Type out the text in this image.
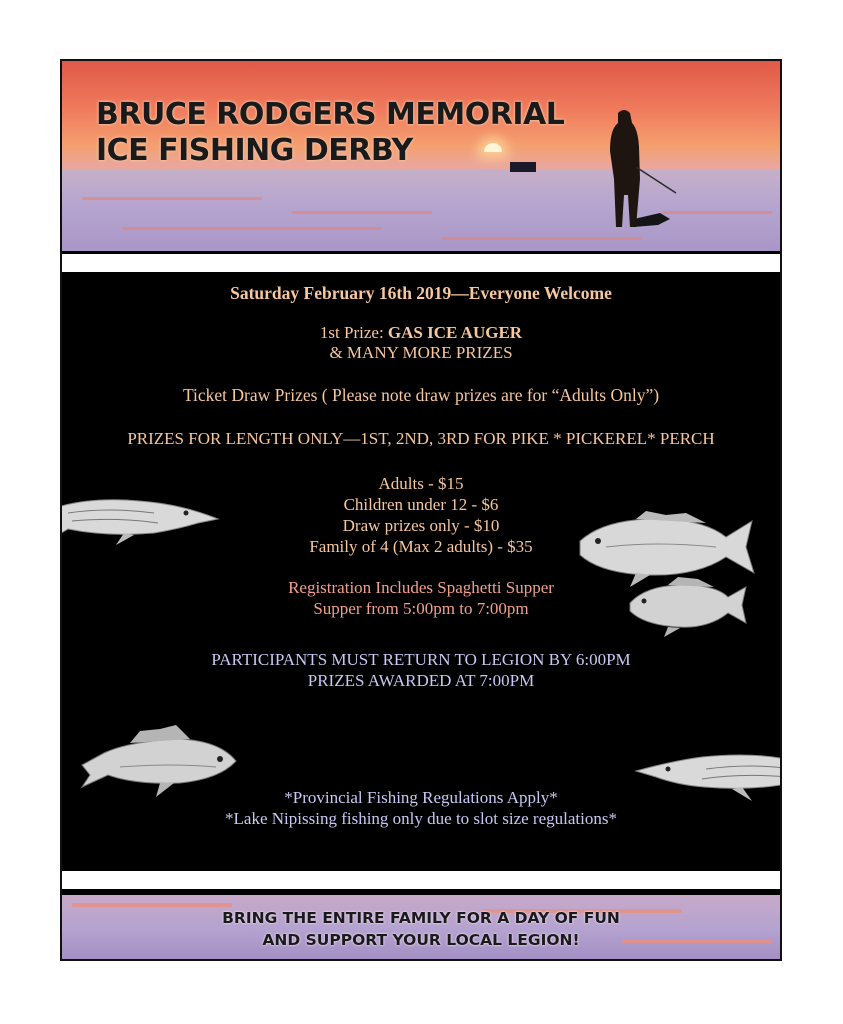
BRUCE RODGERS MEMORIAL
ICE FISHING DERBY
Saturday February 16th 2019—Everyone Welcome
1st Prize: GAS ICE AUGER
& MANY MORE PRIZES
Ticket Draw Prizes ( Please note draw prizes are for “Adults Only”)
PRIZES FOR LENGTH ONLY—1ST, 2ND, 3RD FOR PIKE * PICKEREL* PERCH
Adults - $15
Children under 12 - $6
Draw prizes only - $10
Family of 4 (Max 2 adults) - $35
Registration Includes Spaghetti Supper
Supper from 5:00pm to 7:00pm
PARTICIPANTS MUST RETURN TO LEGION BY 6:00PM
PRIZES AWARDED AT 7:00PM
*Provincial Fishing Regulations Apply*
*Lake Nipissing fishing only due to slot size regulations*
BRING THE ENTIRE FAMILY FOR A DAY OF FUN
AND SUPPORT YOUR LOCAL LEGION!
